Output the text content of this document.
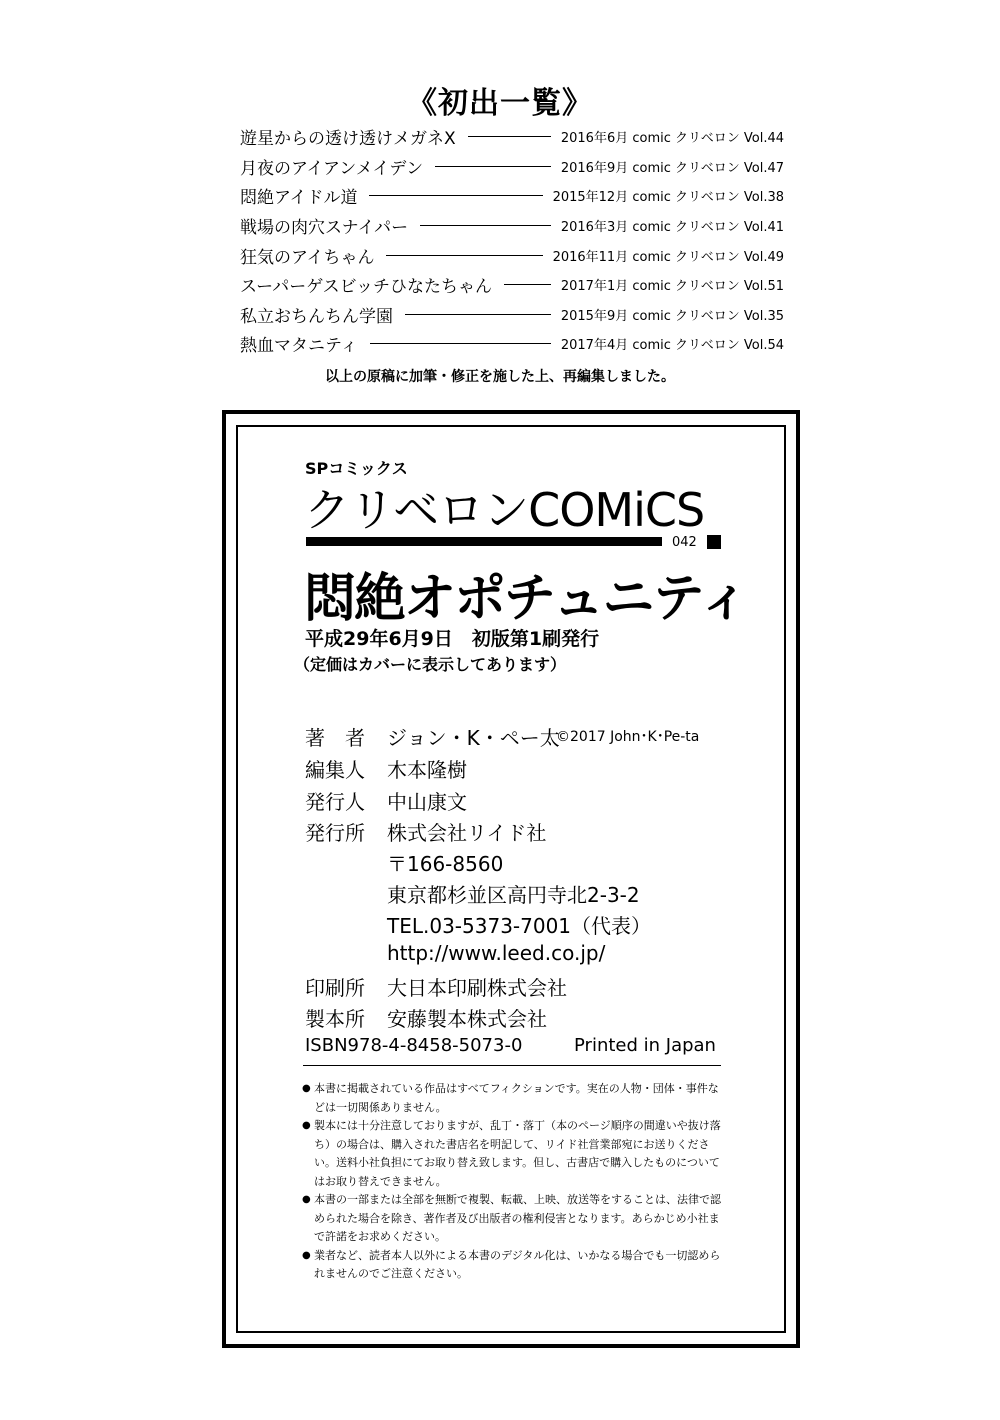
《初出一覧》
遊星からの透け透けメガネX	2016年6月 comic クリベロン Vol.44
月夜のアイアンメイデン	2016年9月 comic クリベロン Vol.47
悶絶アイドル道	2015年12月 comic クリベロン Vol.38
戦場の肉穴スナイパー	2016年3月 comic クリベロン Vol.41
狂気のアイちゃん	2016年11月 comic クリベロン Vol.49
スーパーゲスビッチひなたちゃん	2017年1月 comic クリベロン Vol.51
私立おちんちん学園	2015年9月 comic クリベロン Vol.35
熱血マタニティ	2017年4月 comic クリベロン Vol.54
以上の原稿に加筆・修正を施した上、再編集しました。
SPコミックス
クリベロンCOMiCS
042
悶絶オポチュニティ
平成29年6月9日　初版第1刷発行
（定価はカバーに表示してあります）
著　者 ジョン・K・ペー太
©2017 John･K･Pe-ta
編集人 木本隆樹
発行人 中山康文
発行所 株式会社リイド社
〒166-8560
東京都杉並区高円寺北2-3-2
TEL.03-5373-7001（代表）
http://www.leed.co.jp/
印刷所 大日本印刷株式会社
製本所 安藤製本株式会社
ISBN978-4-8458-5073-0	Printed in Japan
● 本書に掲載されている作品はすべてフィクションです。実在の人物・団体・事件などは一切関係ありません。
● 製本には十分注意しておりますが、乱丁・落丁（本のページ順序の間違いや抜け落ち）の場合は、購入された書店名を明記して、リイド社営業部宛にお送りください。送料小社負担にてお取り替え致します。但し、古書店で購入したものについてはお取り替えできません。
● 本書の一部または全部を無断で複製、転載、上映、放送等をすることは、法律で認められた場合を除き、著作者及び出版者の権利侵害となります。あらかじめ小社まで許諾をお求めください。
● 業者など、読者本人以外による本書のデジタル化は、いかなる場合でも一切認められませんのでご注意ください。
